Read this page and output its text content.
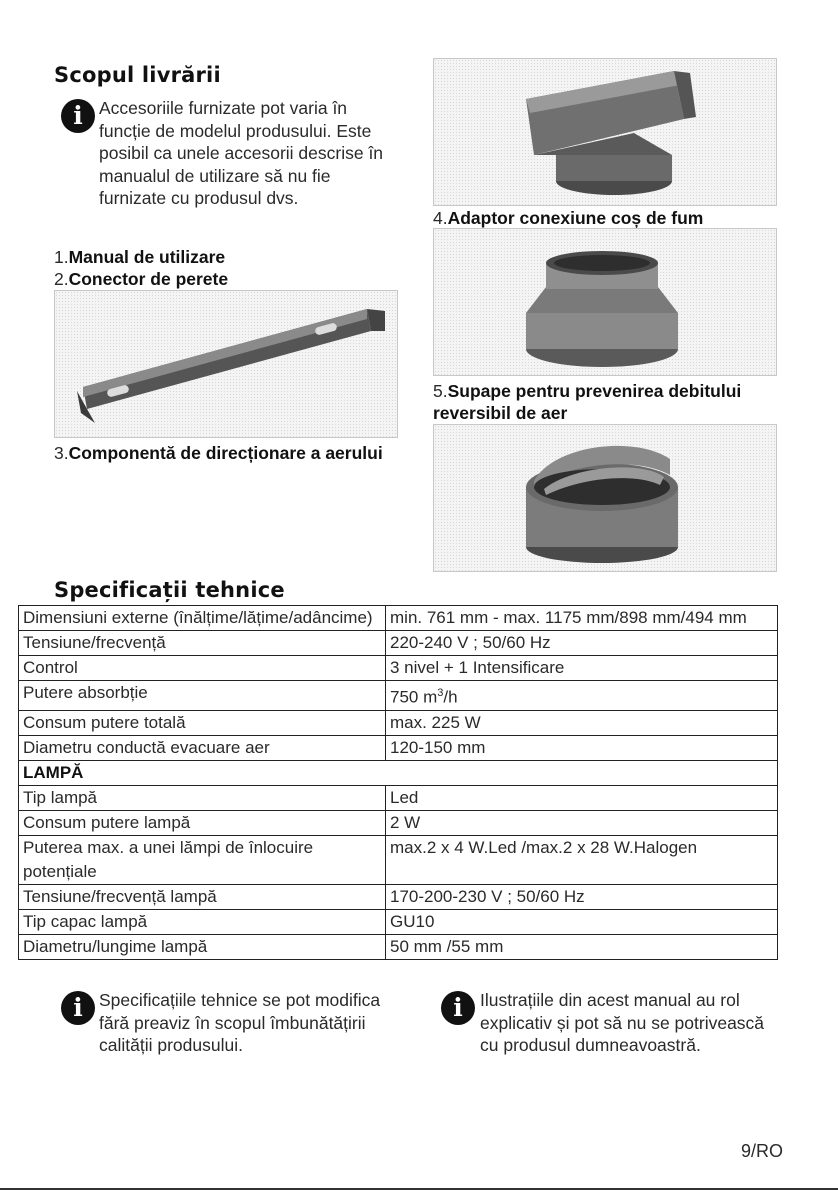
Scopul livrării
i Accesoriile furnizate pot varia în funcție de modelul produsului. Este posibil ca unele accesorii descrise în manualul de utilizare să nu fie furnizate cu produsul dvs.
1.Manual de utilizare
2.Conector de perete
3.Componentă de direcționare a aerului
4.Adaptor conexiune coș de fum
5.Supape pentru prevenirea debitului reversibil de aer
Specificații tehnice
Dimensiuni externe (înălțime/lățime/adâncime)	min. 761 mm - max. 1175 mm/898 mm/494 mm
Tensiune/frecvență	220-240 V ; 50/60 Hz
Control	3 nivel + 1 Intensificare
Putere absorbție	750 $m^3/h$
Consum putere totală	max. 225 W
Diametru conductă evacuare aer	120-150 mm
LAMPĂ	
Tip lampă	Led
Consum putere lampă	2 W
Puterea max. a unei lămpi de înlocuire potențiale	max.2 x 4 W.Led /max.2 x 28 W.Halogen
Tensiune/frecvență lampă	170-200-230 V ; 50/60 Hz
Tip capac lampă	GU10
Diametru/lungime lampă	50 mm /55 mm
i Specificațiile tehnice se pot modifica fără preaviz în scopul îmbunătățirii calității produsului.
i Ilustrațiile din acest manual au rol explicativ și pot să nu se potrivească cu produsul dumneavoastră.
9/RO
